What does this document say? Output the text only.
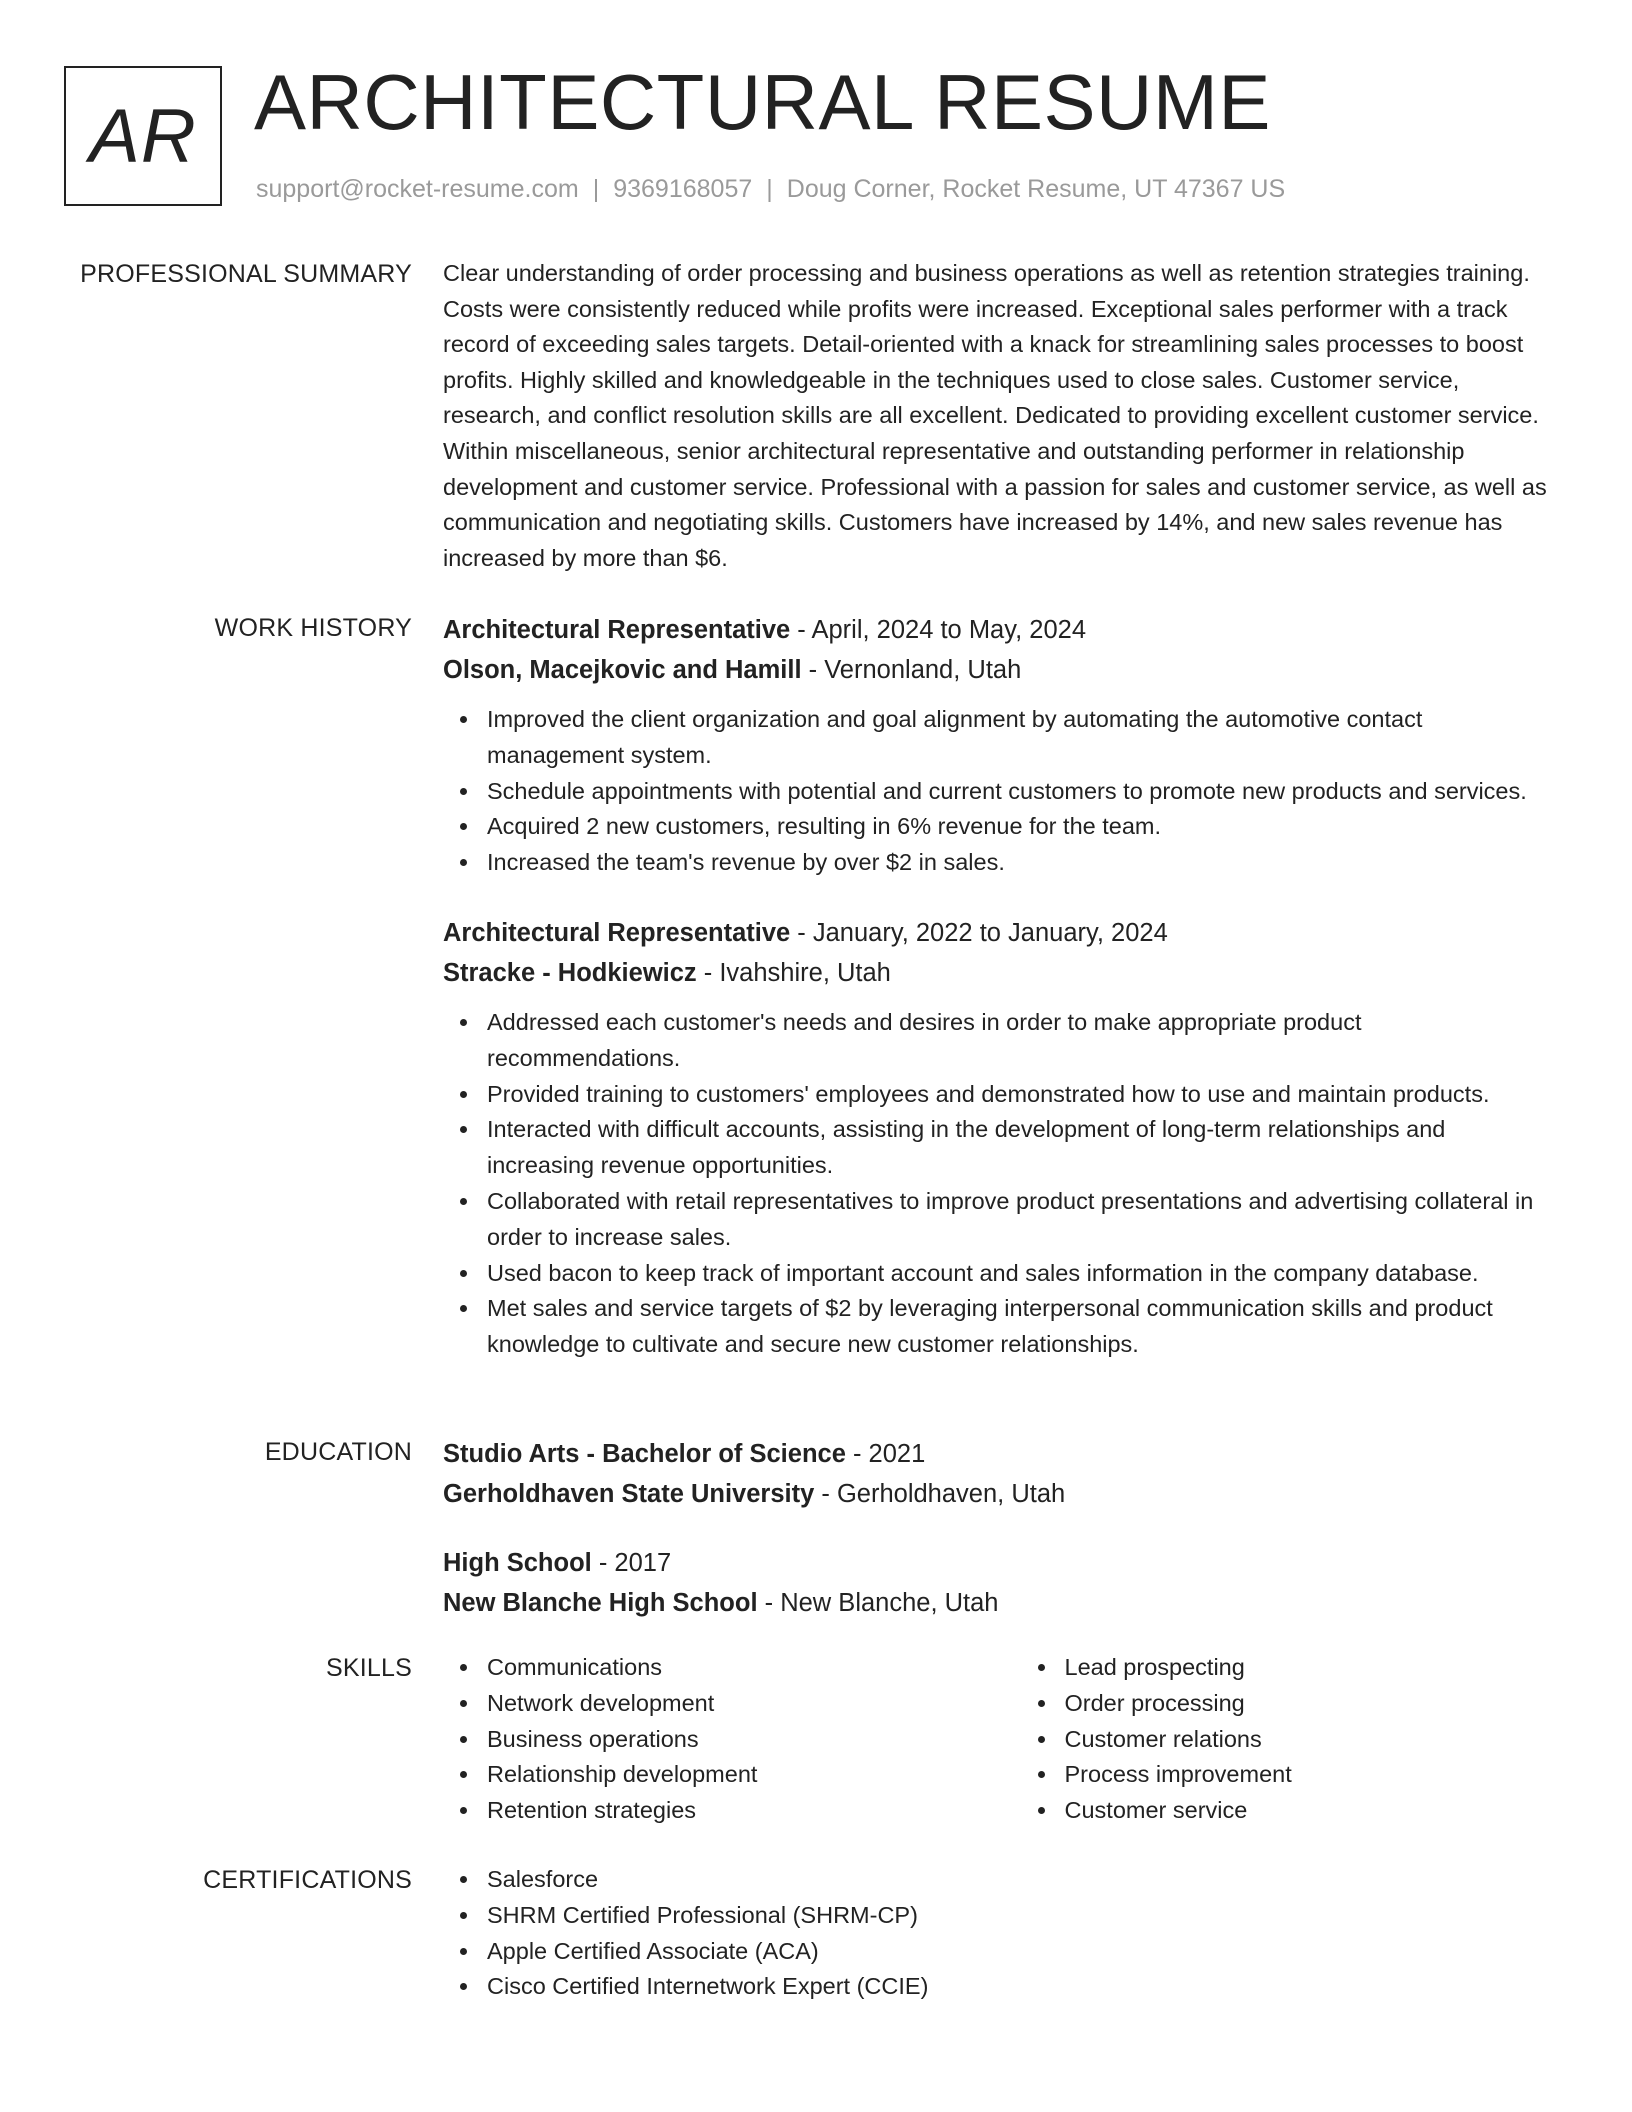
AR ARCHITECTURAL RESUME
support@rocket-resume.com | 9369168057 | Doug Corner, Rocket Resume, UT 47367 US
PROFESSIONAL SUMMARY Clear understanding of order processing and business operations as well as retention strategies training. Costs were consistently reduced while profits were increased. Exceptional sales performer with a track record of exceeding sales targets. Detail-oriented with a knack for streamlining sales processes to boost profits. Highly skilled and knowledgeable in the techniques used to close sales. Customer service, research, and conflict resolution skills are all excellent. Dedicated to providing excellent customer service. Within miscellaneous, senior architectural representative and outstanding performer in relationship development and customer service. Professional with a passion for sales and customer service, as well as communication and negotiating skills. Customers have increased by 14%, and new sales revenue has increased by more than $6.

WORK HISTORY Architectural Representative - April, 2024 to May, 2024
Olson, Macejkovic and Hamill - Vernonland, Utah
Improved the client organization and goal alignment by automating the automotive contact management system.
Schedule appointments with potential and current customers to promote new products and services.
Acquired 2 new customers, resulting in 6% revenue for the team.
Increased the team's revenue by over $2 in sales.
Architectural Representative - January, 2022 to January, 2024
Stracke - Hodkiewicz - Ivahshire, Utah
Addressed each customer's needs and desires in order to make appropriate product recommendations.
Provided training to customers' employees and demonstrated how to use and maintain products.
Interacted with difficult accounts, assisting in the development of long-term relationships and increasing revenue opportunities.
Collaborated with retail representatives to improve product presentations and advertising collateral in order to increase sales.
Used bacon to keep track of important account and sales information in the company database.
Met sales and service targets of $2 by leveraging interpersonal communication skills and product knowledge to cultivate and secure new customer relationships.
EDUCATION Studio Arts - Bachelor of Science - 2021
Gerholdhaven State University - Gerholdhaven, Utah
High School - 2017
New Blanche High School - New Blanche, Utah
SKILLS	Communications
Network development
Business operations
Relationship development
Retention strategies
Lead prospecting
Order processing
Customer relations
Process improvement
Customer service
CERTIFICATIONS	Salesforce
SHRM Certified Professional (SHRM-CP)
Apple Certified Associate (ACA)
Cisco Certified Internetwork Expert (CCIE)
